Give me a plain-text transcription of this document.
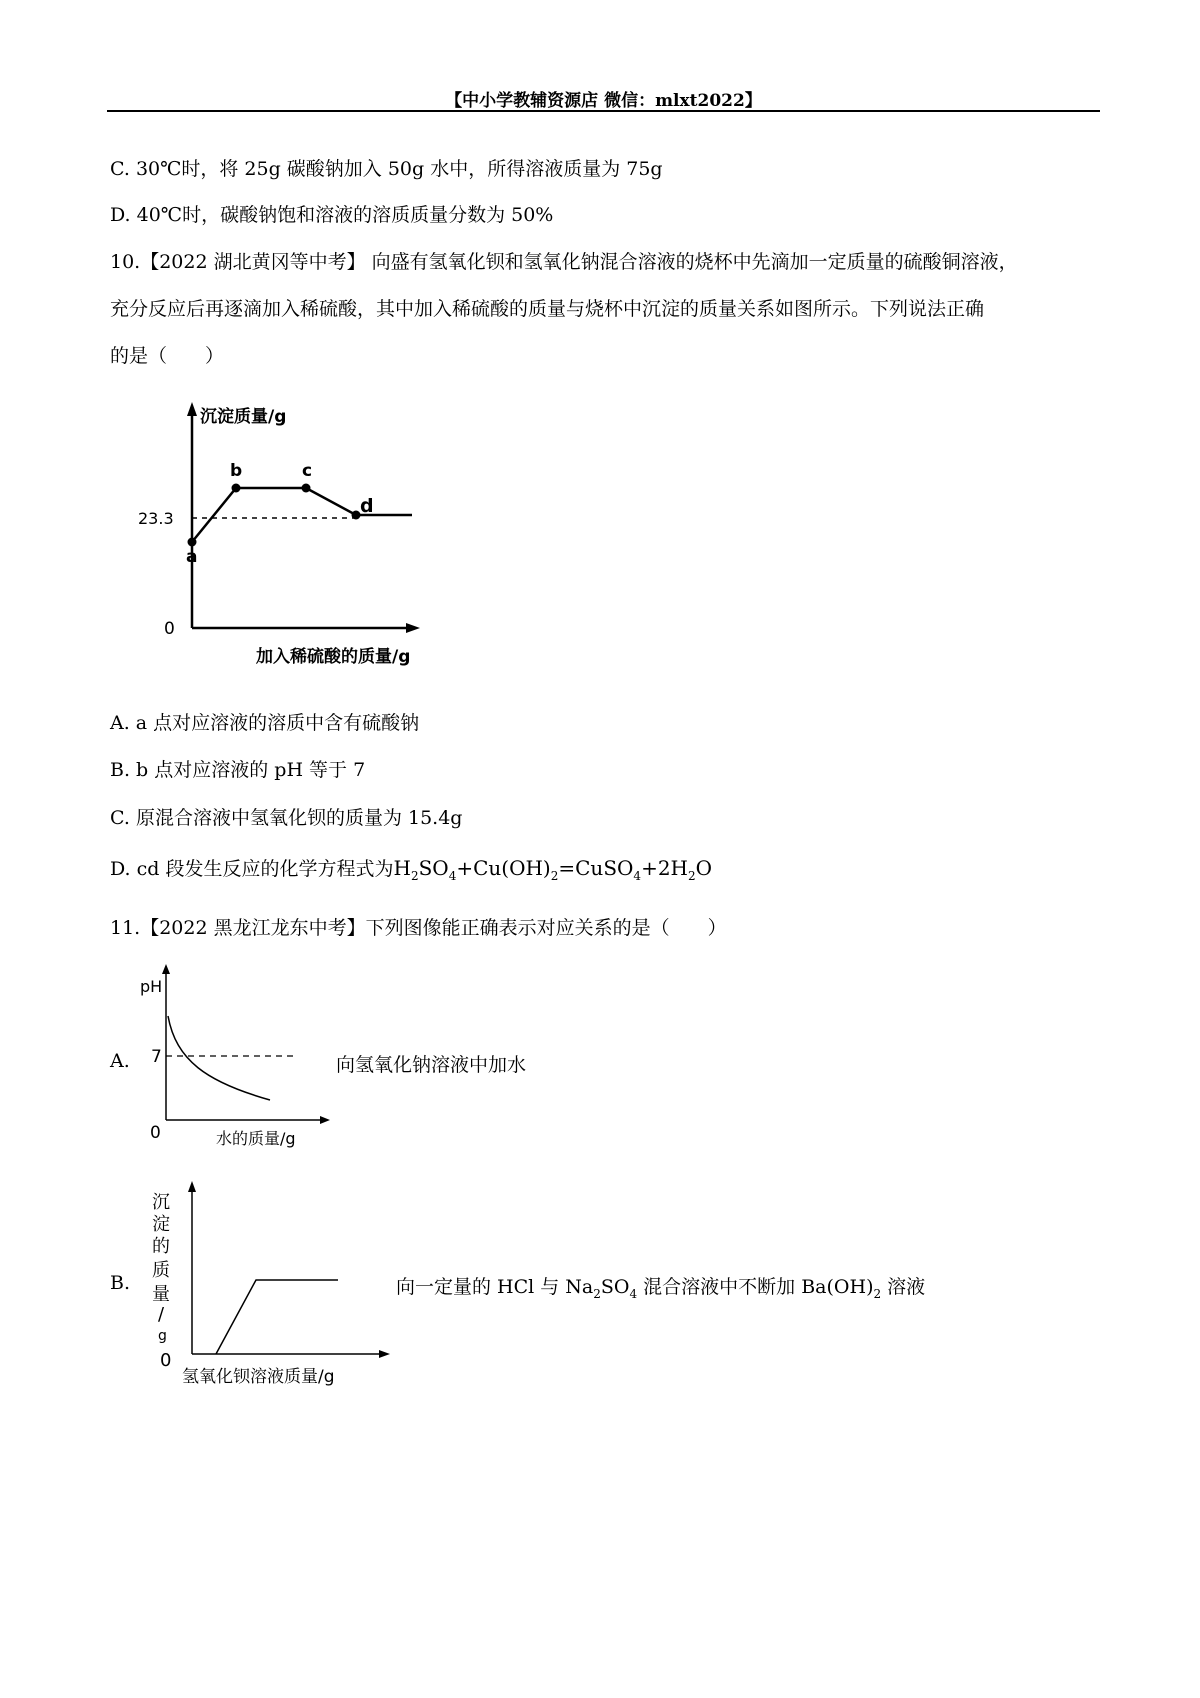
【中小学教辅资源店 微信：mlxt2022】
C. 30℃时，将 25g 碳酸钠加入 50g 水中，所得溶液质量为 75g
D. 40℃时，碳酸钠饱和溶液的溶质质量分数为 50%
10.【2022 湖北黄冈等中考】 向盛有氢氧化钡和氢氧化钠混合溶液的烧杯中先滴加一定质量的硫酸铜溶液，
充分反应后再逐滴加入稀硫酸，其中加入稀硫酸的质量与烧杯中沉淀的质量关系如图所示。下列说法正确
的是（　　）
沉淀质量/g
23.3
0
a
b	c
d
加入稀硫酸的质量/g
A. a 点对应溶液的溶质中含有硫酸钠
B. b 点对应溶液的 pH 等于 7
C. 原混合溶液中氢氧化钡的质量为 15.4g
D. cd 段发生反应的化学方程式为$H_2SO_4+Cu(OH)_2=CuSO_4+2H_2O$
11.【2022 黑龙江龙东中考】下列图像能正确表示对应关系的是（　　）
A.
pH
7
0	水的质量/g
向氢氧化钠溶液中加水
B.
沉
淀
的
质
量
/
g
0
氢氧化钡溶液质量/g
向一定量的 HCl 与 $Na_2SO_4$ 混合溶液中不断加 $Ba(OH)_2$ 溶液
